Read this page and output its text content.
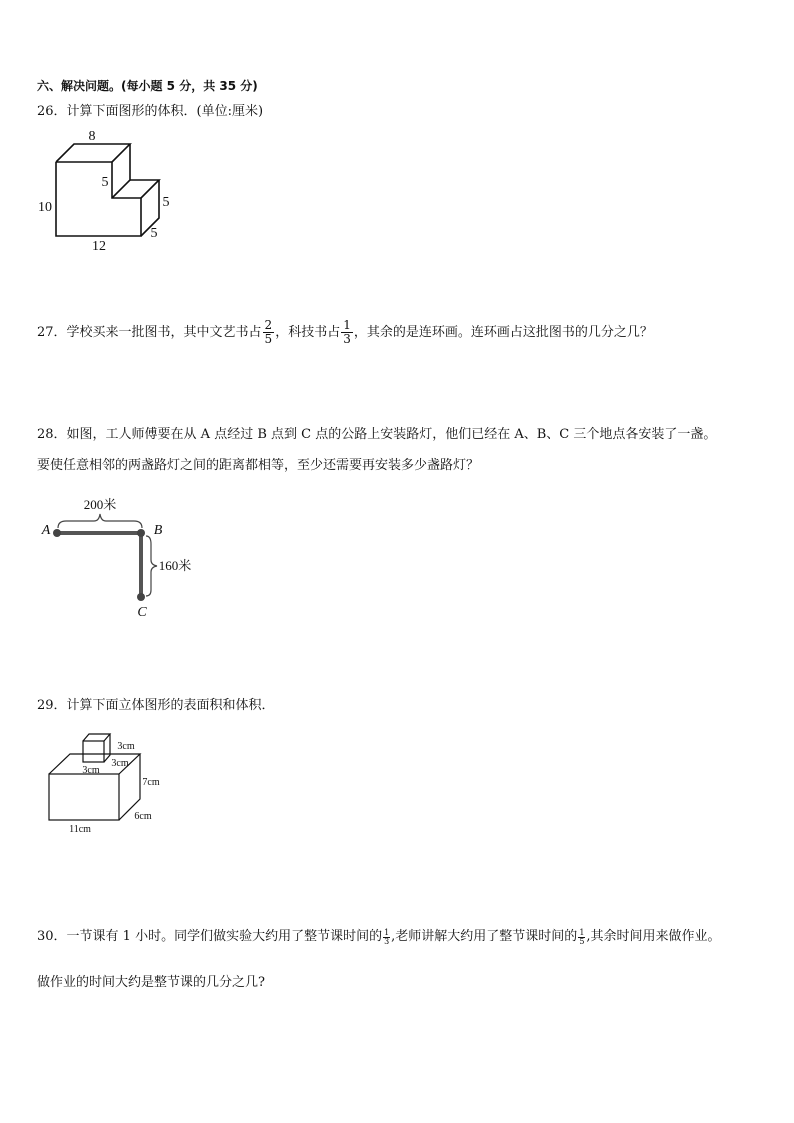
六、解决问题。(每小题 5 分，共 35 分)
26．计算下面图形的体积．(单位:厘米)
8
5
10	5
12
5
27．学校买来一批图书，其中文艺书占 $\frac{2}{5}$ ，科技书占 $\frac{1}{3}$ ，其余的是连环画。连环画占这批图书的几分之几？
28．如图，工人师傅要在从 A 点经过 B 点到 C 点的公路上安装路灯，他们已经在 A、B、C 三个地点各安装了一盏。
要使任意相邻的两盏路灯之间的距离都相等，至少还需要再安装多少盏路灯？
A	B
C
200米
160米
29．计算下面立体图形的表面积和体积．
3cm
3cm
3cm
7cm
6cm
11cm
30．一节课有 1 小时。同学们做实验大约用了整节课时间的 $\frac{1}{3}$ ,老师讲解大约用了整节课时间的 $\frac{1}{5}$ ,其余时间用来做作业。
做作业的时间大约是整节课的几分之几?
